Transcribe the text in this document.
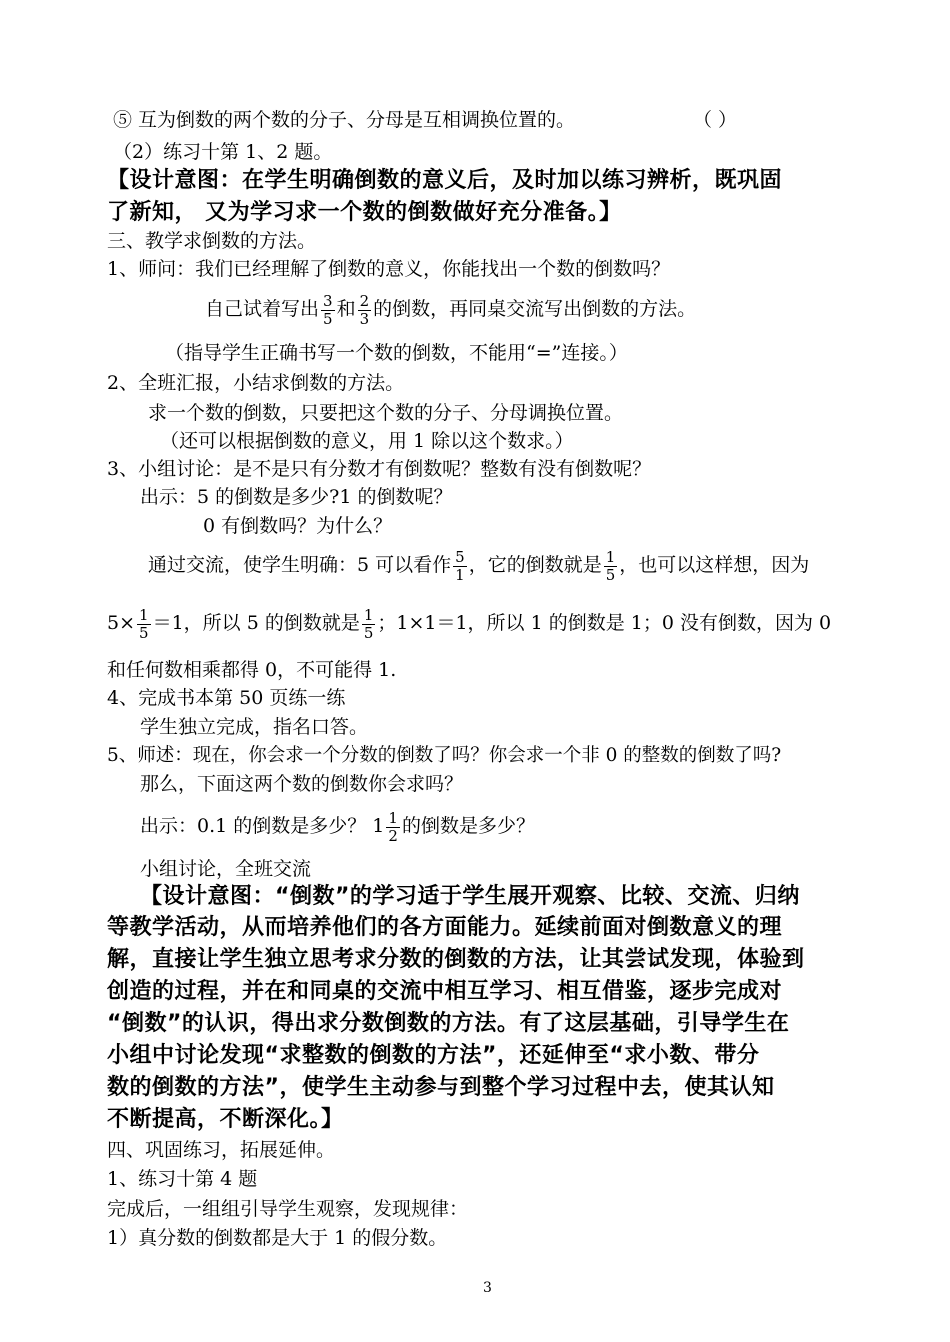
⑤ 互为倒数的两个数的分子、分母是互相调换位置的。	（ ）
（2）练习十第 1、2 题。
【设计意图：在学生明确倒数的意义后，及时加以练习辨析，既巩固
了新知， 又为学习求一个数的倒数做好充分准备。】
三、教学求倒数的方法。
1、师问：我们已经理解了倒数的意义，你能找出一个数的倒数吗？
自己试着写出 $\frac{3}{5}$ 和 $\frac{2}{3}$ 的倒数，再同桌交流写出倒数的方法。
（指导学生正确书写一个数的倒数，不能用“=”连接。）
2、全班汇报，小结求倒数的方法。
求一个数的倒数，只要把这个数的分子、分母调换位置。
（还可以根据倒数的意义，用 1 除以这个数求。）
3、小组讨论：是不是只有分数才有倒数呢？整数有没有倒数呢？
出示：5 的倒数是多少?1 的倒数呢？
0 有倒数吗？为什么？
通过交流，使学生明确：5 可以看作 $\frac{5}{1}$ ，它的倒数就是 $\frac{1}{5}$ ，也可以这样想，因为
$5\times \frac{1}{5} =1$，所以 5 的倒数就是 $\frac{1}{5}$ ；1×1＝1，所以 1 的倒数是 1；0 没有倒数，因为 0
和任何数相乘都得 0，不可能得 1.
4、完成书本第 50 页练一练
学生独立完成，指名口答。
5、师述：现在，你会求一个分数的倒数了吗？你会求一个非 0 的整数的倒数了吗?
那么，下面这两个数的倒数你会求吗？
出示：0.1 的倒数是多少？ $1 \frac{1}{2}$ 的倒数是多少？
小组讨论，全班交流
【设计意图：“倒数”的学习适于学生展开观察、比较、交流、归纳
等教学活动，从而培养他们的各方面能力。延续前面对倒数意义的理
解，直接让学生独立思考求分数的倒数的方法，让其尝试发现，体验到
创造的过程，并在和同桌的交流中相互学习、相互借鉴，逐步完成对
“倒数”的认识，得出求分数倒数的方法。有了这层基础，引导学生在
小组中讨论发现“求整数的倒数的方法”，还延伸至“求小数、带分
数的倒数的方法”，使学生主动参与到整个学习过程中去，使其认知
不断提高，不断深化。】
四、巩固练习，拓展延伸。
1、练习十第 4 题
完成后，一组组引导学生观察，发现规律：
1）真分数的倒数都是大于 1 的假分数。
3
